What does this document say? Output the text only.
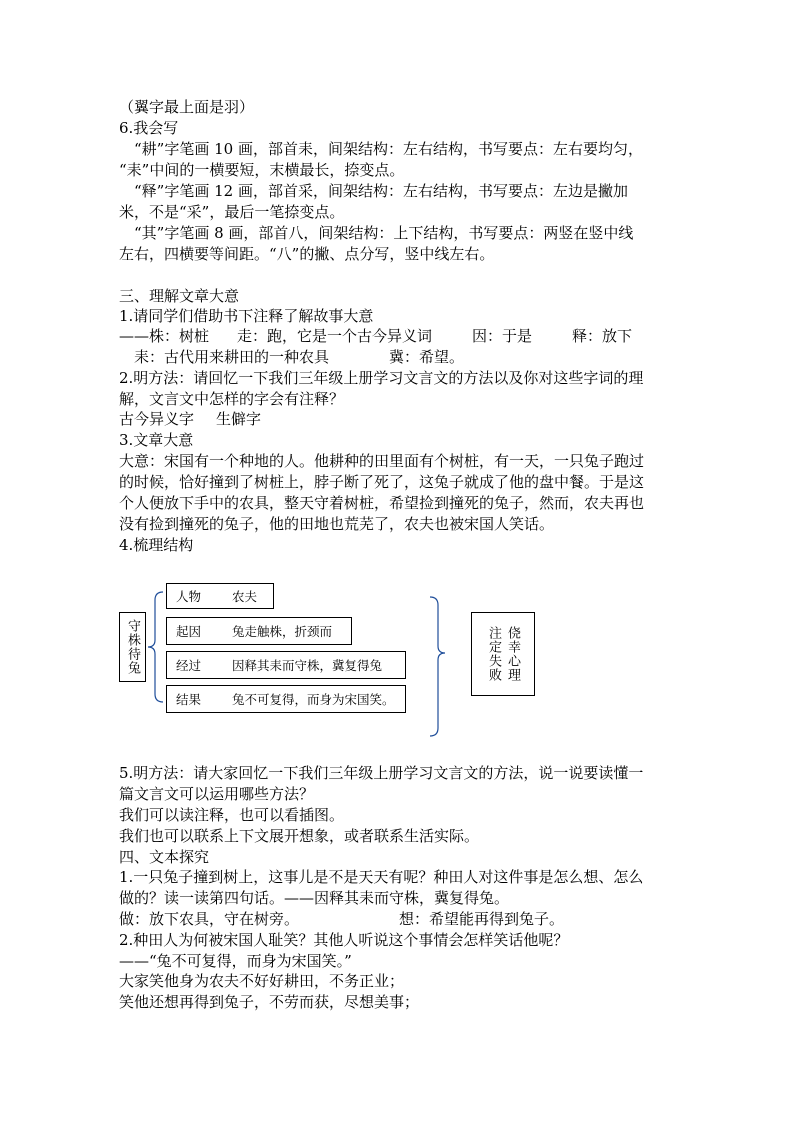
（翼字最上面是羽）
6.我会写
　“耕”字笔画 10 画，部首耒，间架结构：左右结构，书写要点：左右要均匀，
“耒”中间的一横要短，末横最长，捺变点。
　“释”字笔画 12 画，部首采，间架结构：左右结构，书写要点：左边是撇加
米，不是“采”，最后一笔捺变点。
　“其”字笔画 8 画，部首八，间架结构：上下结构，书写要点：两竖在竖中线
左右，四横要等间距。“八”的撇、点分写，竖中线左右。
三、理解文章大意
1.请同学们借助书下注释了解故事大意
——株：树桩 走：跑，它是一个古今异义词	因：于是	释：放下
　耒：古代用来耕田的一种农具	冀：希望。
2.明方法：请回忆一下我们三年级上册学习文言文的方法以及你对这些字词的理
解，文言文中怎样的字会有注释？
古今异义字 生僻字
3.文章大意
大意：宋国有一个种地的人。他耕种的田里面有个树桩，有一天，一只兔子跑过
的时候，恰好撞到了树桩上，脖子断了死了，这兔子就成了他的盘中餐。于是这
个人便放下手中的农具，整天守着树桩，希望捡到撞死的兔子，然而，农夫再也
没有捡到撞死的兔子，他的田地也荒芜了，农夫也被宋国人笑话。
4.梳理结构
守株待兔
人物	农夫
起因	兔走触株，折颈而
经过	因释其耒而守株，冀复得兔
结果	兔不可复得，而身为宋国笑。
注定失败 侥幸心理
5.明方法：请大家回忆一下我们三年级上册学习文言文的方法，说一说要读懂一
篇文言文可以运用哪些方法？
我们可以读注释，也可以看插图。
我们也可以联系上下文展开想象，或者联系生活实际。
四、文本探究
1.一只兔子撞到树上，这事儿是不是天天有呢？种田人对这件事是怎么想、怎么
做的？读一读第四句话。——因释其耒而守株，冀复得兔。
做：放下农具，守在树旁。	想：希望能再得到兔子。
2.种田人为何被宋国人耻笑？其他人听说这个事情会怎样笑话他呢？
——“兔不可复得，而身为宋国笑。”
大家笑他身为农夫不好好耕田，不务正业；
笑他还想再得到兔子，不劳而获，尽想美事；
